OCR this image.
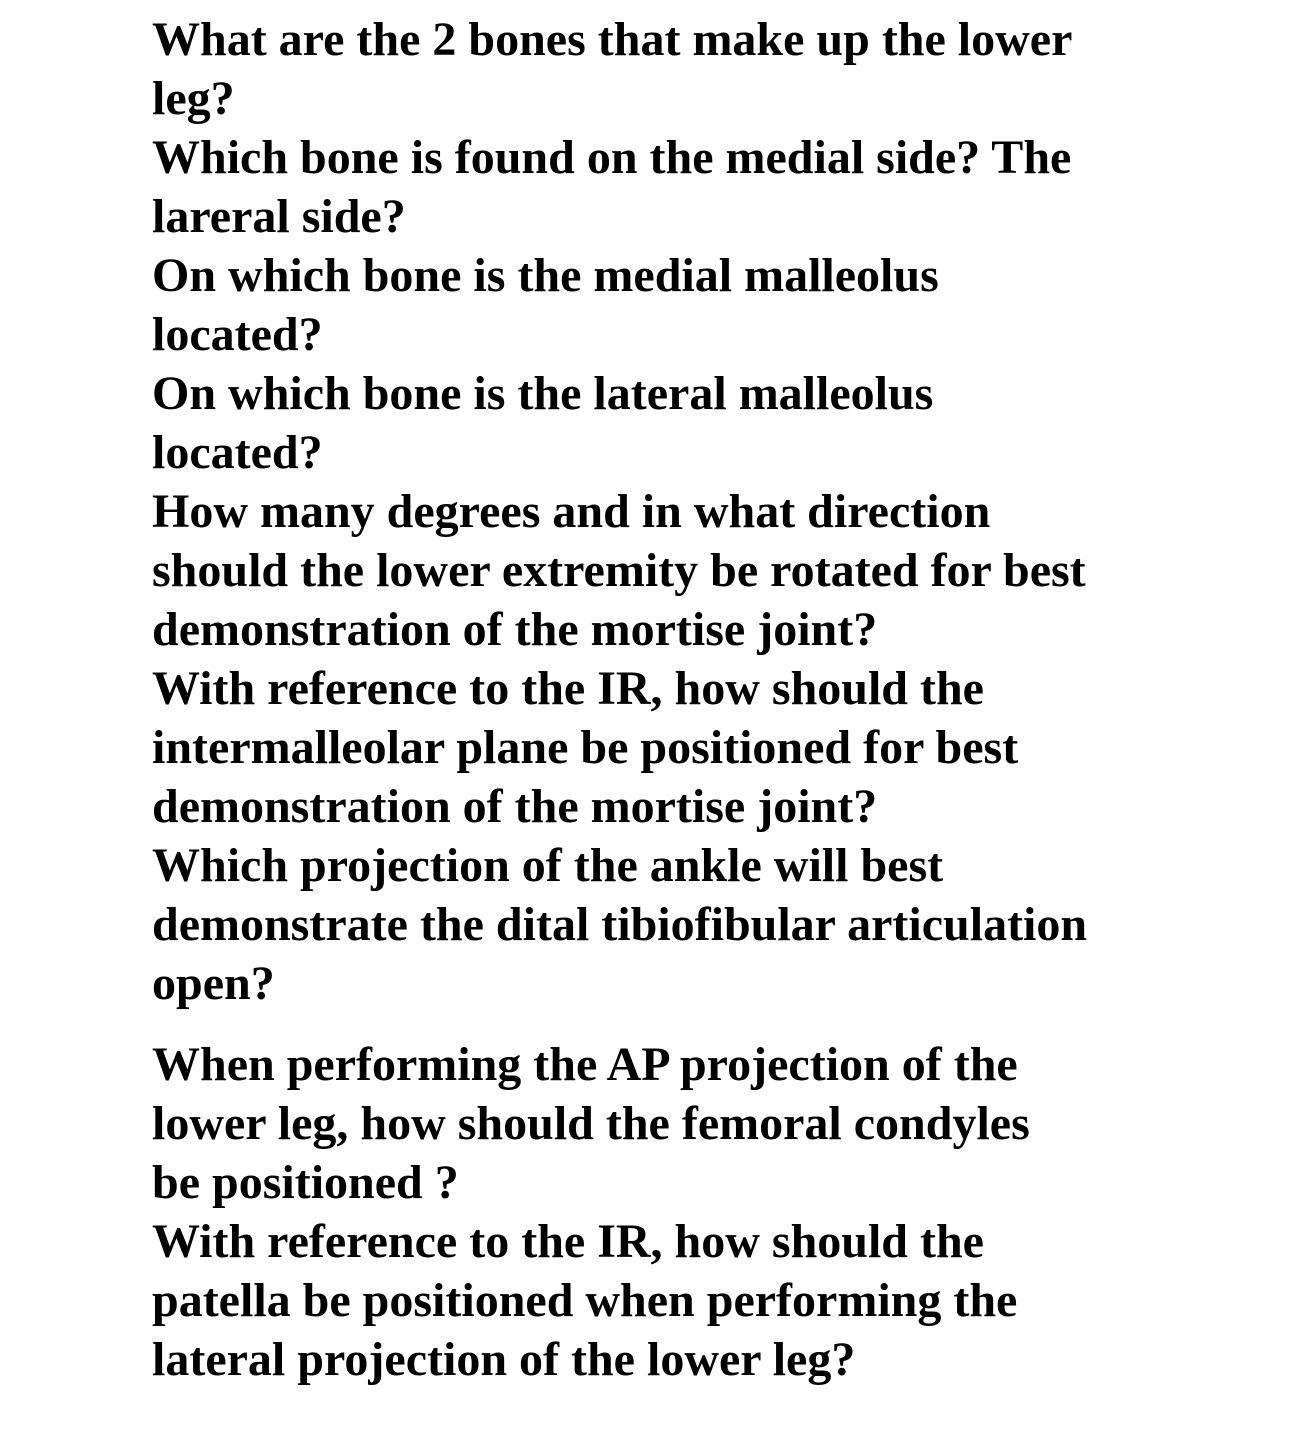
What are the 2 bones that make up the lower
leg?
Which bone is found on the medial side? The
lareral side?
On which bone is the medial malleolus
located?
On which bone is the lateral malleolus
located?
How many degrees and in what direction
should the lower extremity be rotated for best
demonstration of the mortise joint?
With reference to the IR, how should the
intermalleolar plane be positioned for best
demonstration of the mortise joint?
Which projection of the ankle will best
demonstrate the dital tibiofibular articulation
open?
When performing the AP projection of the
lower leg, how should the femoral condyles
be positioned ?
With reference to the IR, how should the
patella be positioned when performing the
lateral projection of the lower leg?
